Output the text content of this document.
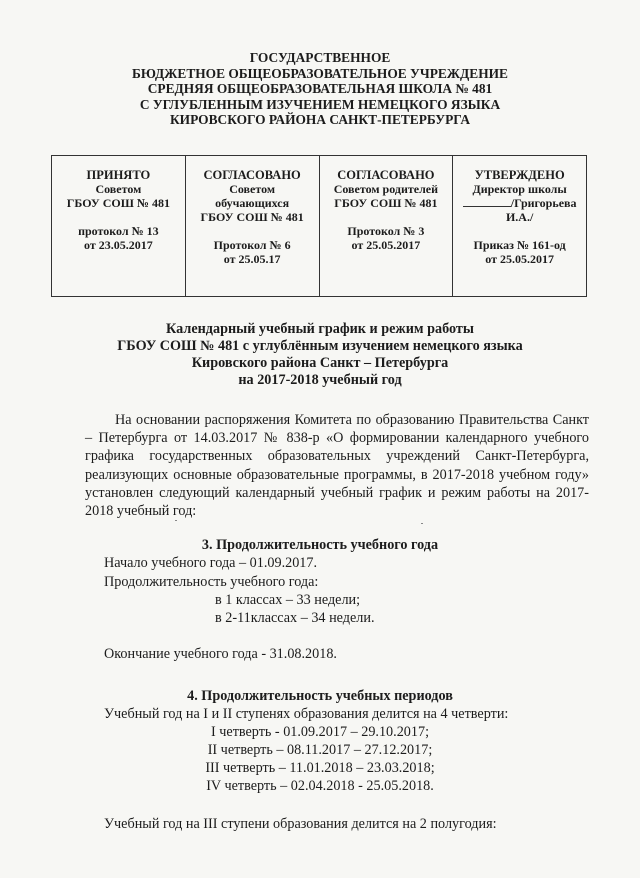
ГОСУДАРСТВЕННОЕ
БЮДЖЕТНОЕ ОБЩЕОБРАЗОВАТЕЛЬНОЕ УЧРЕЖДЕНИЕ
СРЕДНЯЯ ОБЩЕОБРАЗОВАТЕЛЬНАЯ ШКОЛА № 481
С УГЛУБЛЕННЫМ ИЗУЧЕНИЕМ НЕМЕЦКОГО ЯЗЫКА
КИРОВСКОГО РАЙОНА САНКТ-ПЕТЕРБУРГА
ПРИНЯТО
Советом
ГБОУ СОШ № 481
протокол № 13
от 23.05.2017

СОГЛАСОВАНО
Советом
обучающихся
ГБОУ СОШ № 481
Протокол № 6
от 25.05.17

СОГЛАСОВАНО
Советом родителей
ГБОУ СОШ № 481
Протокол № 3
от 25.05.2017

УТВЕРЖДЕНО
Директор школы
/Григорьева
И.А./
Приказ № 161-од
от 25.05.2017
Календарный учебный график и режим работы
ГБОУ СОШ № 481 с углублённым изучением немецкого языка
Кировского района Санкт – Петербурга
на 2017-2018 учебный год
На основании распоряжения Комитета по образованию Правительства Санкт – Петербурга от 14.03.2017 № 838-р «О формировании календарного учебного графика государственных образовательных учреждений Санкт-Петербурга, реализующих основные образовательные программы, в 2017-2018 учебном году» установлен следующий календарный учебный график и режим работы на 2017-2018 учебный год:
3. Продолжительность учебного года
Начало учебного года – 01.09.2017.
Продолжительность учебного года:
в 1 классах – 33 недели;
в 2-11классах – 34 недели.
Окончание учебного года - 31.08.2018.
4. Продолжительность учебных периодов
Учебный год на I и II ступенях образования делится на 4 четверти:
I четверть - 01.09.2017 – 29.10.2017;
II четверть – 08.11.2017 – 27.12.2017;
III четверть – 11.01.2018 – 23.03.2018;
IV четверть – 02.04.2018 - 25.05.2018.
Учебный год на III ступени образования делится на 2 полугодия:
